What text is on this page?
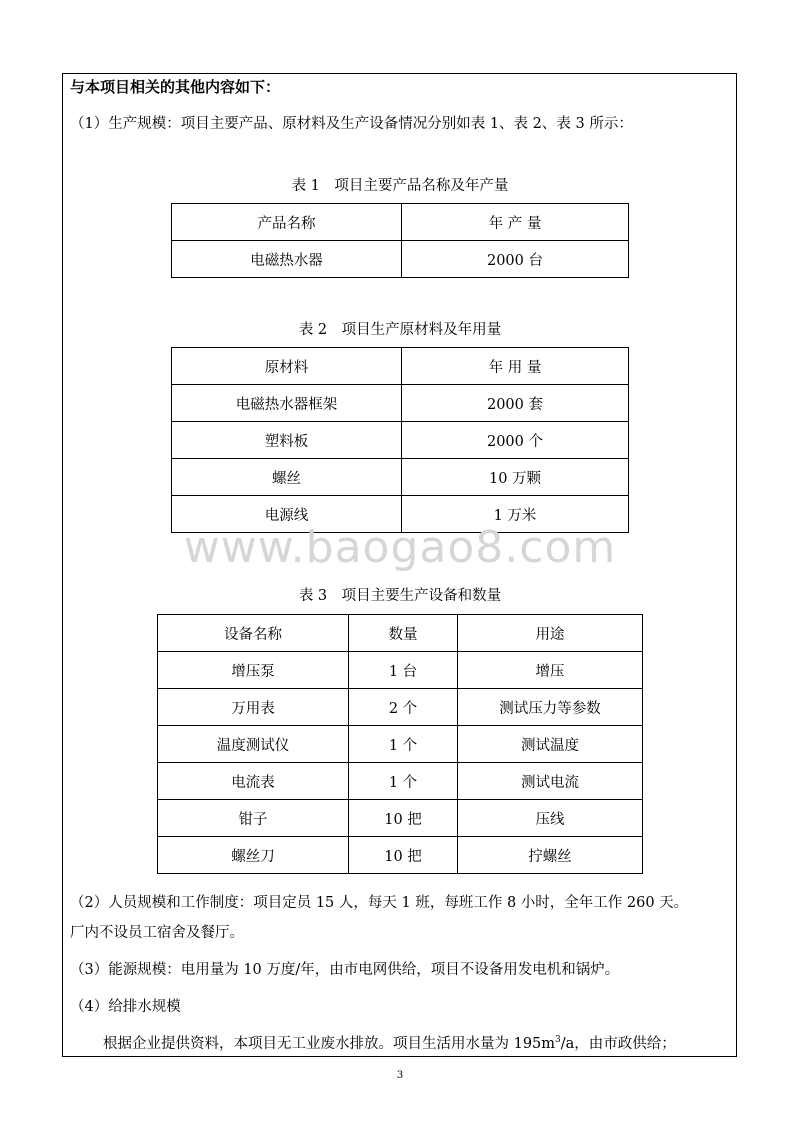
与本项目相关的其他内容如下：
（1）生产规模：项目主要产品、原材料及生产设备情况分别如表 1、表 2、表 3 所示：
表 1　项目主要产品名称及年产量
产品名称	年 产 量
电磁热水器	2000 台
表 2　项目生产原材料及年用量
原材料	年 用 量
电磁热水器框架	2000 套
塑料板	2000 个
螺丝	10 万颗
电源线	1 万米
www.baogao8.com
表 3　项目主要生产设备和数量
设备名称	数量	用途
增压泵	1 台	增压
万用表	2 个	测试压力等参数
温度测试仪	1 个	测试温度
电流表	1 个	测试电流
钳子	10 把	压线
螺丝刀	10 把	拧螺丝
（2）人员规模和工作制度：项目定员 15 人，每天 1 班，每班工作 8 小时，全年工作 260 天。
厂内不设员工宿舍及餐厅。
（3）能源规模：电用量为 10 万度/年，由市电网供给，项目不设备用发电机和锅炉。
（4）给排水规模
根据企业提供资料，本项目无工业废水排放。项目生活用水量为 $195m^3/a$，由市政供给；
3
